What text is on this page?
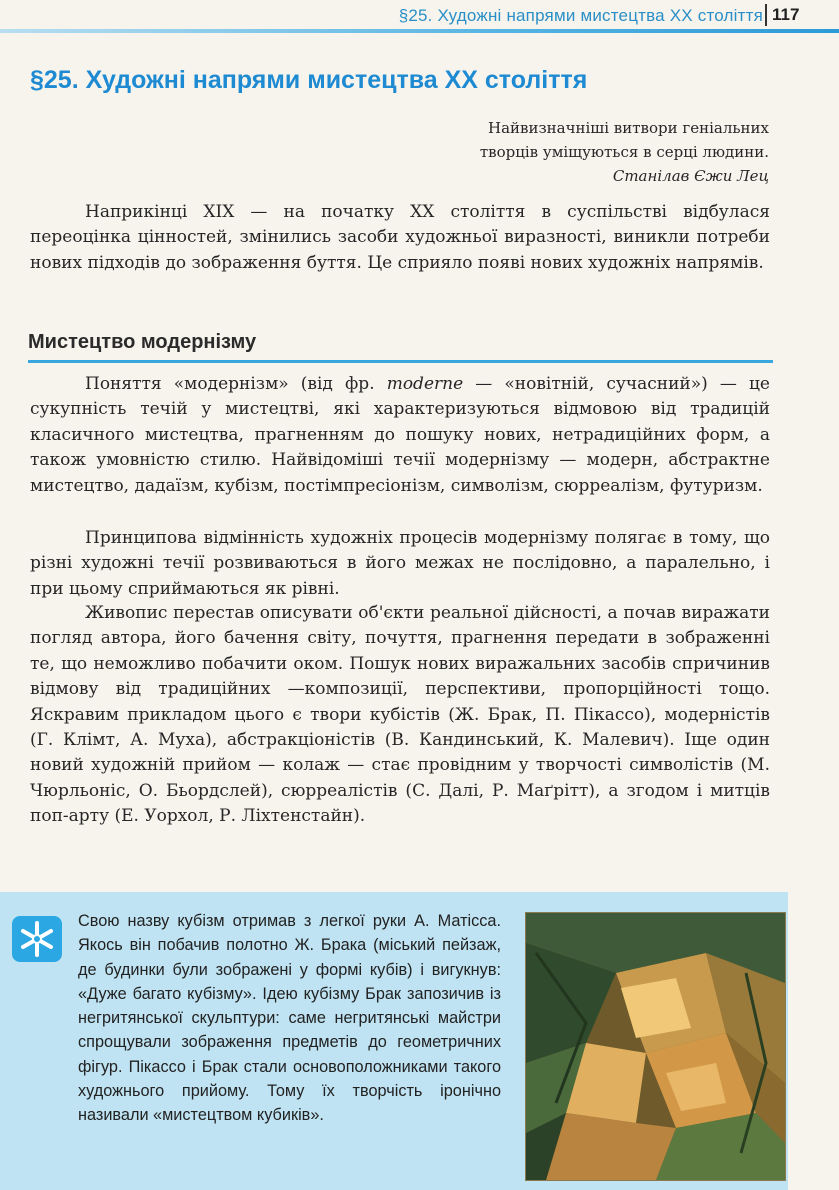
§25. Художні напрями мистецтва ХХ століття 117
§25. Художні напрями мистецтва ХХ століття
Найвизначніші витвори геніальних
творців уміщуються в серці людини.
Станілав Єжи Лец

Наприкінці XIX — на початку XX століття в суспільстві відбулася переоцінка цінностей, змінились засоби художньої виразності, виникли потреби нових підходів до зображення буття. Це сприяло появі нових художніх напрямів.

Мистецтво модернізму

Поняття «модернізм» (від фр. moderne — «новітній, сучасний») — це сукупність течій у мистецтві, які характеризуються відмовою від традицій класичного мистецтва, прагненням до пошуку нових, нетрадиційних форм, а також умовністю стилю. Найвідоміші течії модернізму — модерн, абстрактне мистецтво, дадаїзм, кубізм, постімпресіонізм, символізм, сюрреалізм, футуризм.

Принципова відмінність художніх процесів модернізму полягає в тому, що різні художні течії розвиваються в його межах не послідовно, а паралельно, і при цьому сприймаються як рівні.

Живопис перестав описувати об'єкти реальної дійсності, а почав виражати погляд автора, його бачення світу, почуття, прагнення передати в зображенні те, що неможливо побачити оком. Пошук нових виражальних засобів спричинив відмову від традиційних —композиції, перспективи, пропорційності тощо. Яскравим прикладом цього є твори кубістів (Ж. Брак, П. Пікассо), модерністів (Г. Клімт, А. Муха), абстракціоністів (В. Кандинський, К. Малевич). Іще один новий художній прийом — колаж — стає провідним у творчості символістів (М. Чюрльоніс, О. Бьордслей), сюрреалістів (С. Далі, Р. Маґрітт), а згодом і митців поп-арту (Е. Уорхол, Р. Ліхтенстайн).

Свою назву кубізм отримав з легкої руки А. Матісса. Якось він побачив полотно Ж. Брака (міський пейзаж, де будинки були зображені у формі кубів) і вигукнув: «Дуже багато кубізму». Ідею кубізму Брак запозичив із негритянської скульптури: саме негритянські майстри спрощували зображення предметів до геометричних фігур. Пікассо і Брак стали основоположниками такого художнього прийому. Тому їх творчість іронічно називали «мистецтвом кубиків».
